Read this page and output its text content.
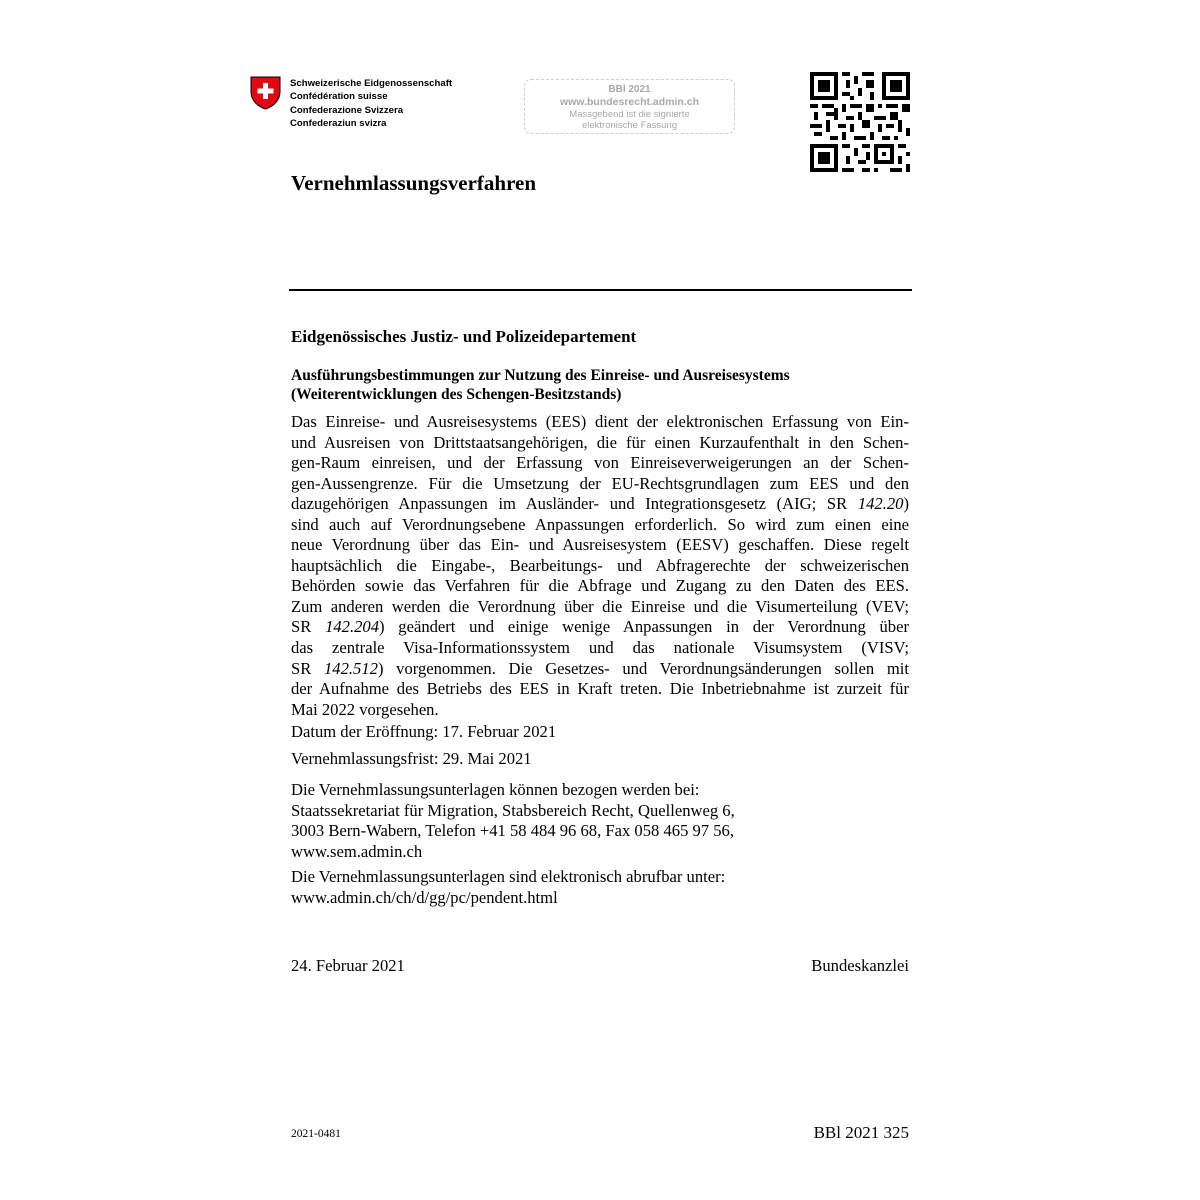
Schweizerische Eidgenossenschaft
Confédération suisse
Confederazione Svizzera
Confederaziun svizra
BBl 2021
www.bundesrecht.admin.ch
Massgebend ist die signierte
elektronische Fassung
Vernehmlassungsverfahren
Eidgenössisches Justiz- und Polizeidepartement
Ausführungsbestimmungen zur Nutzung des Einreise- und Ausreisesystems
(Weiterentwicklungen des Schengen-Besitzstands)
Das Einreise- und Ausreisesystems (EES) dient der elektronischen Erfassung von Ein-
und Ausreisen von Drittstaatsangehörigen, die für einen Kurzaufenthalt in den Schen-
gen-Raum einreisen, und der Erfassung von Einreiseverweigerungen an der Schen-
gen-Aussengrenze. Für die Umsetzung der EU-Rechtsgrundlagen zum EES und den
dazugehörigen Anpassungen im Ausländer- und Integrationsgesetz (AIG; SR 142.20)
sind auch auf Verordnungsebene Anpassungen erforderlich. So wird zum einen eine
neue Verordnung über das Ein- und Ausreisesystem (EESV) geschaffen. Diese regelt
hauptsächlich die Eingabe-, Bearbeitungs- und Abfragerechte der schweizerischen
Behörden sowie das Verfahren für die Abfrage und Zugang zu den Daten des EES.
Zum anderen werden die Verordnung über die Einreise und die Visumerteilung (VEV;
SR 142.204) geändert und einige wenige Anpassungen in der Verordnung über
das zentrale Visa-Informationssystem und das nationale Visumsystem (VISV;
SR 142.512) vorgenommen. Die Gesetzes- und Verordnungsänderungen sollen mit
der Aufnahme des Betriebs des EES in Kraft treten. Die Inbetriebnahme ist zurzeit für
Mai 2022 vorgesehen.
Datum der Eröffnung: 17. Februar 2021
Vernehmlassungsfrist: 29. Mai 2021
Die Vernehmlassungsunterlagen können bezogen werden bei:
Staatssekretariat für Migration, Stabsbereich Recht, Quellenweg 6,
3003 Bern-Wabern, Telefon +41 58 484 96 68, Fax 058 465 97 56,
www.sem.admin.ch
Die Vernehmlassungsunterlagen sind elektronisch abrufbar unter:
www.admin.ch/ch/d/gg/pc/pendent.html
24. Februar 2021	Bundeskanzlei
2021-0481	BBl 2021 325
